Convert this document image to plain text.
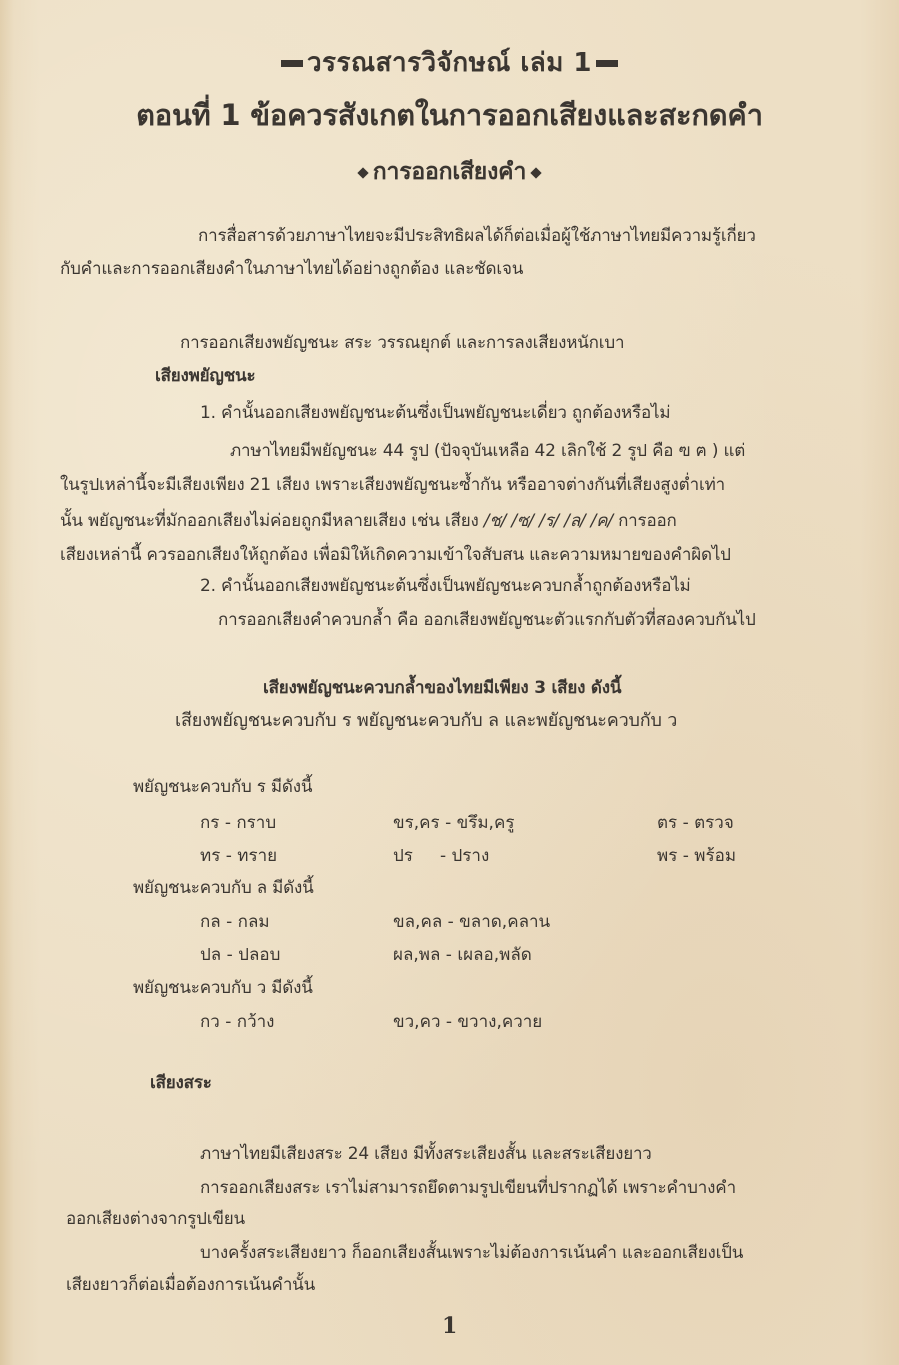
วรรณสารวิจักษณ์ เล่ม 1
ตอนที่ 1 ข้อควรสังเกตในการออกเสียงและสะกดคำ
การออกเสียงคำ
การสื่อสารด้วยภาษาไทยจะมีประสิทธิผลได้ก็ต่อเมื่อผู้ใช้ภาษาไทยมีความรู้เกี่ยว
กับคำและการออกเสียงคำในภาษาไทยได้อย่างถูกต้อง และชัดเจน
การออกเสียงพยัญชนะ สระ วรรณยุกต์ และการลงเสียงหนักเบา
เสียงพยัญชนะ
1. คำนั้นออกเสียงพยัญชนะต้นซึ่งเป็นพยัญชนะเดี่ยว ถูกต้องหรือไม่
ภาษาไทยมีพยัญชนะ 44 รูป (ปัจจุบันเหลือ 42 เลิกใช้ 2 รูป คือ ฃ ฅ ) แต่
ในรูปเหล่านี้จะมีเสียงเพียง 21 เสียง เพราะเสียงพยัญชนะซ้ำกัน หรืออาจต่างกันที่เสียงสูงต่ำเท่า
นั้น พยัญชนะที่มักออกเสียงไม่ค่อยถูกมีหลายเสียง เช่น เสียง /ช/ /ซ/ /ร/ /ล/ /ค/ การออก
เสียงเหล่านี้ ควรออกเสียงให้ถูกต้อง เพื่อมิให้เกิดความเข้าใจสับสน และความหมายของคำผิดไป
2. คำนั้นออกเสียงพยัญชนะต้นซึ่งเป็นพยัญชนะควบกล้ำถูกต้องหรือไม่
การออกเสียงคำควบกล้ำ คือ ออกเสียงพยัญชนะตัวแรกกับตัวที่สองควบกันไป
เสียงพยัญชนะควบกล้ำของไทยมีเพียง 3 เสียง ดังนี้
เสียงพยัญชนะควบกับ ร พยัญชนะควบกับ ล และพยัญชนะควบกับ ว
พยัญชนะควบกับ ร มีดังนี้
กร - กราบ	ขร,คร - ขรึม,ครู	ตร - ตรวจ
ทร - ทราย	ปร     - ปราง	พร - พร้อม
พยัญชนะควบกับ ล มีดังนี้
กล - กลม	ขล,คล - ขลาด,คลาน
ปล - ปลอบ	ผล,พล - เผลอ,พลัด
พยัญชนะควบกับ ว มีดังนี้
กว - กว้าง	ขว,คว - ขวาง,ควาย
เสียงสระ
ภาษาไทยมีเสียงสระ 24 เสียง มีทั้งสระเสียงสั้น และสระเสียงยาว
การออกเสียงสระ เราไม่สามารถยึดตามรูปเขียนที่ปรากฏได้ เพราะคำบางคำ
ออกเสียงต่างจากรูปเขียน
บางครั้งสระเสียงยาว ก็ออกเสียงสั้นเพราะไม่ต้องการเน้นคำ และออกเสียงเป็น
เสียงยาวก็ต่อเมื่อต้องการเน้นคำนั้น
1
